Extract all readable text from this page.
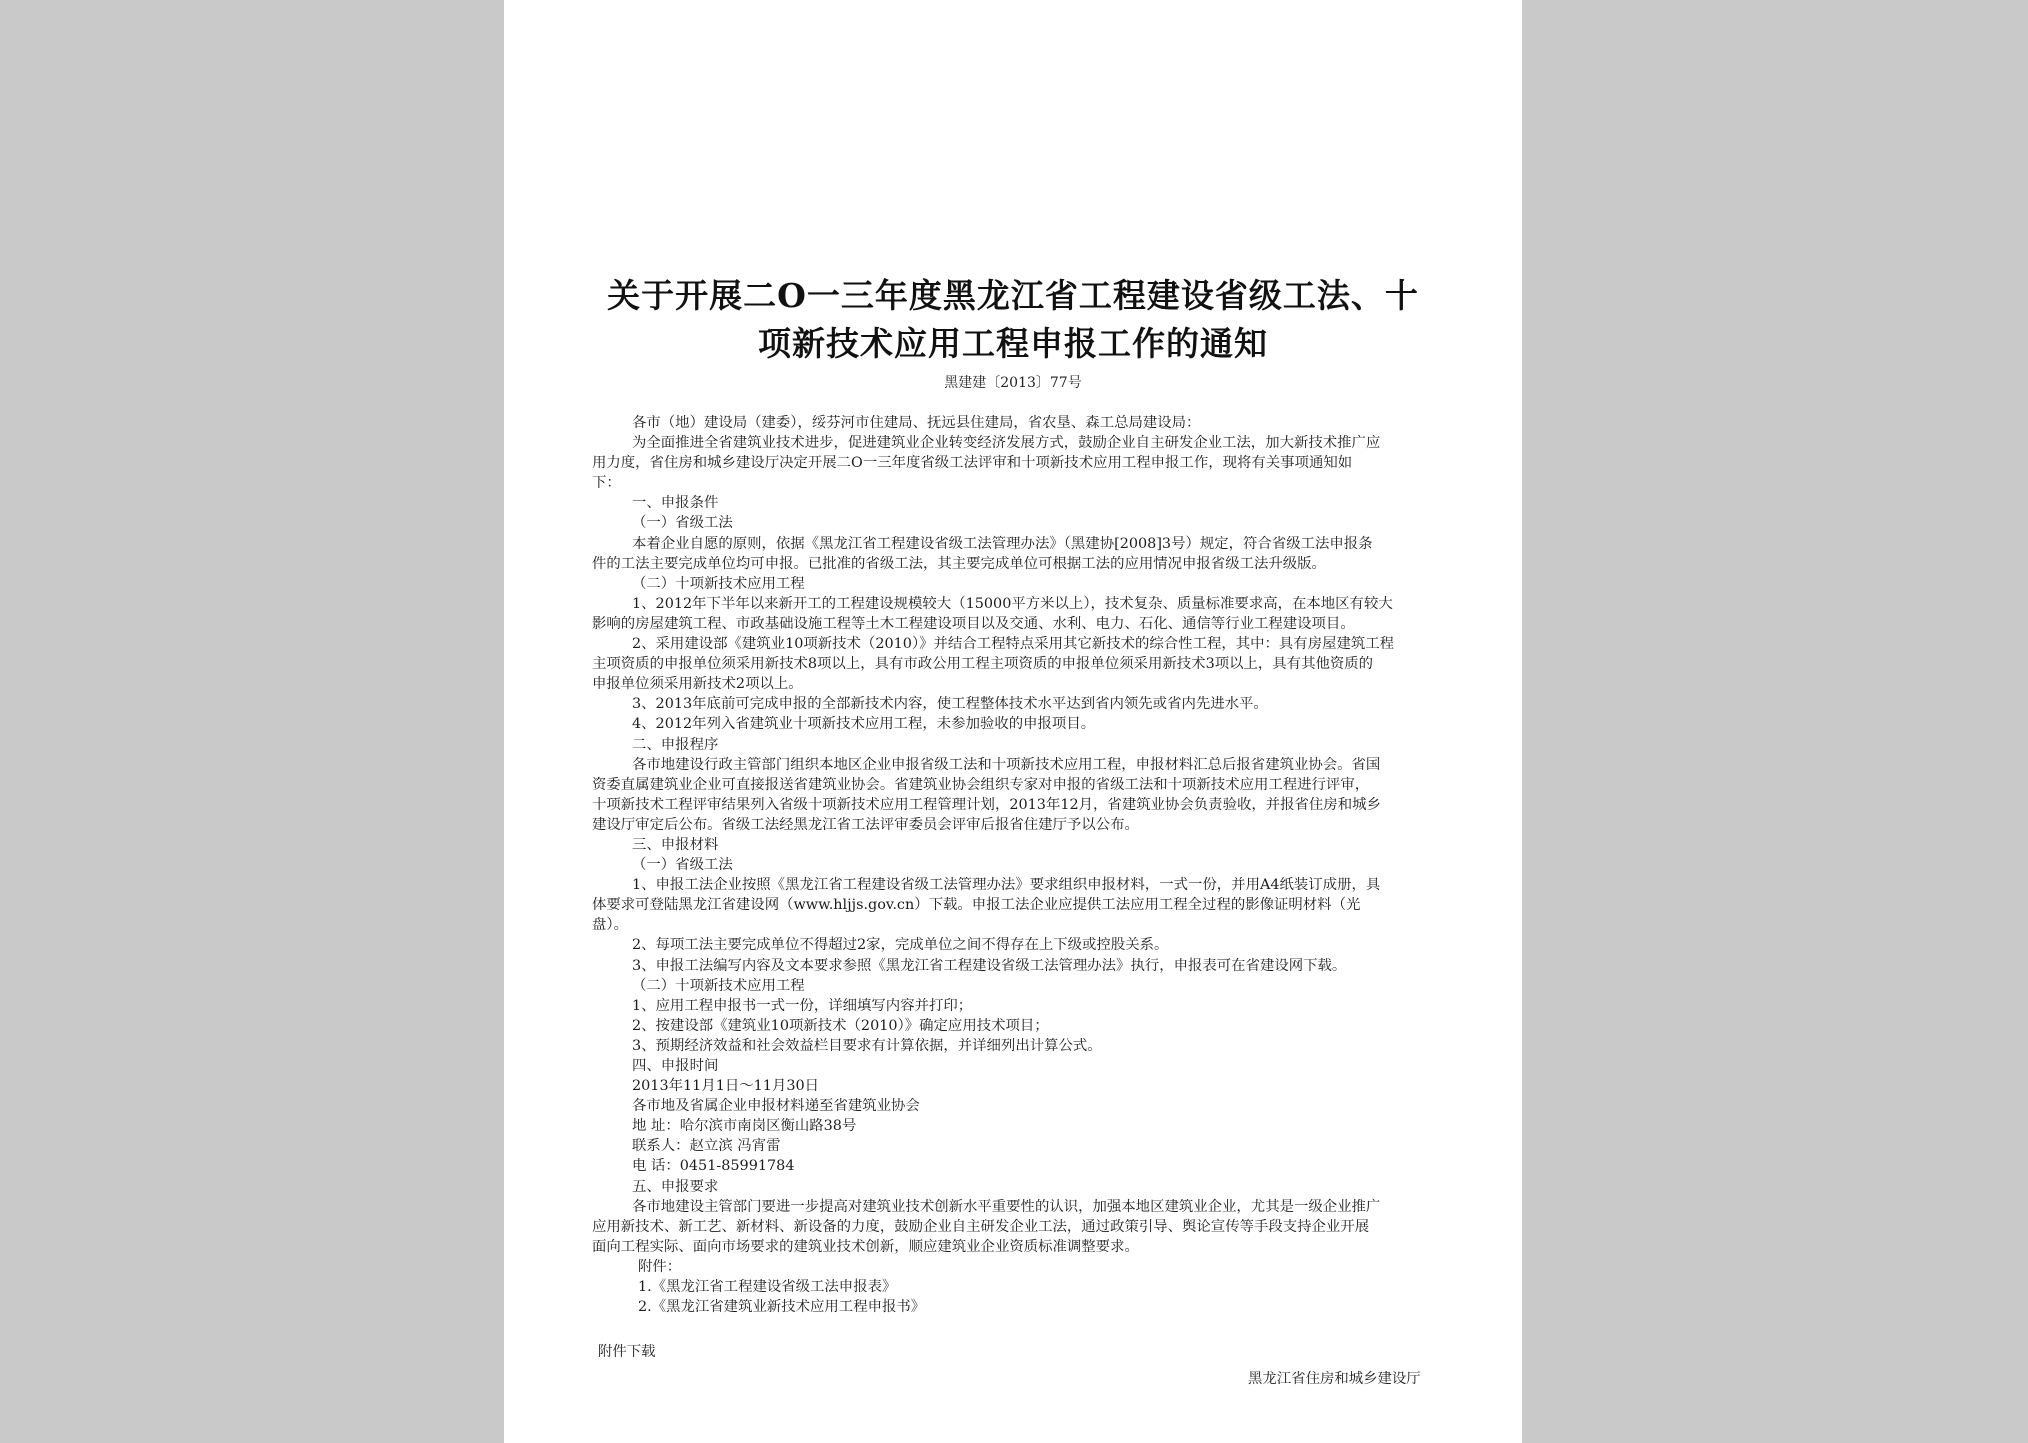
关于开展二O一三年度黑龙江省工程建设省级工法、十
项新技术应用工程申报工作的通知
黑建建〔2013〕77号
各市（地）建设局（建委），绥芬河市住建局、抚远县住建局，省农垦、森工总局建设局：
为全面推进全省建筑业技术进步，促进建筑业企业转变经济发展方式，鼓励企业自主研发企业工法，加大新技术推广应
用力度，省住房和城乡建设厅决定开展二O一三年度省级工法评审和十项新技术应用工程申报工作，现将有关事项通知如
下：
一、申报条件
（一）省级工法
本着企业自愿的原则，依据《黑龙江省工程建设省级工法管理办法》（黑建协[2008]3号）规定，符合省级工法申报条
件的工法主要完成单位均可申报。已批准的省级工法，其主要完成单位可根据工法的应用情况申报省级工法升级版。
（二）十项新技术应用工程
1、2012年下半年以来新开工的工程建设规模较大（15000平方米以上），技术复杂、质量标准要求高，在本地区有较大
影响的房屋建筑工程、市政基础设施工程等土木工程建设项目以及交通、水利、电力、石化、通信等行业工程建设项目。
2、采用建设部《建筑业10项新技术（2010）》并结合工程特点采用其它新技术的综合性工程，其中：具有房屋建筑工程
主项资质的申报单位须采用新技术8项以上，具有市政公用工程主项资质的申报单位须采用新技术3项以上，具有其他资质的
申报单位须采用新技术2项以上。
3、2013年底前可完成申报的全部新技术内容，使工程整体技术水平达到省内领先或省内先进水平。
4、2012年列入省建筑业十项新技术应用工程，未参加验收的申报项目。
二、申报程序
各市地建设行政主管部门组织本地区企业申报省级工法和十项新技术应用工程，申报材料汇总后报省建筑业协会。省国
资委直属建筑业企业可直接报送省建筑业协会。省建筑业协会组织专家对申报的省级工法和十项新技术应用工程进行评审，
十项新技术工程评审结果列入省级十项新技术应用工程管理计划，2013年12月，省建筑业协会负责验收，并报省住房和城乡
建设厅审定后公布。省级工法经黑龙江省工法评审委员会评审后报省住建厅予以公布。
三、申报材料
（一）省级工法
1、申报工法企业按照《黑龙江省工程建设省级工法管理办法》要求组织申报材料，一式一份，并用A4纸装订成册，具
体要求可登陆黑龙江省建设网（www.hljjs.gov.cn）下载。申报工法企业应提供工法应用工程全过程的影像证明材料（光
盘）。
2、每项工法主要完成单位不得超过2家，完成单位之间不得存在上下级或控股关系。
3、申报工法编写内容及文本要求参照《黑龙江省工程建设省级工法管理办法》执行，申报表可在省建设网下载。
（二）十项新技术应用工程
1、应用工程申报书一式一份，详细填写内容并打印；
2、按建设部《建筑业10项新技术（2010）》确定应用技术项目；
3、预期经济效益和社会效益栏目要求有计算依据，并详细列出计算公式。
四、申报时间
2013年11月1日～11月30日
各市地及省属企业申报材料递至省建筑业协会
地 址：哈尔滨市南岗区衡山路38号
联系人：赵立滨 冯宵雷
电 话：0451-85991784
五、申报要求
各市地建设主管部门要进一步提高对建筑业技术创新水平重要性的认识，加强本地区建筑业企业，尤其是一级企业推广
应用新技术、新工艺、新材料、新设备的力度，鼓励企业自主研发企业工法，通过政策引导、舆论宣传等手段支持企业开展
面向工程实际、面向市场要求的建筑业技术创新，顺应建筑业企业资质标准调整要求。
附件：
1.《黑龙江省工程建设省级工法申报表》
2.《黑龙江省建筑业新技术应用工程申报书》
附件下载
黑龙江省住房和城乡建设厅
